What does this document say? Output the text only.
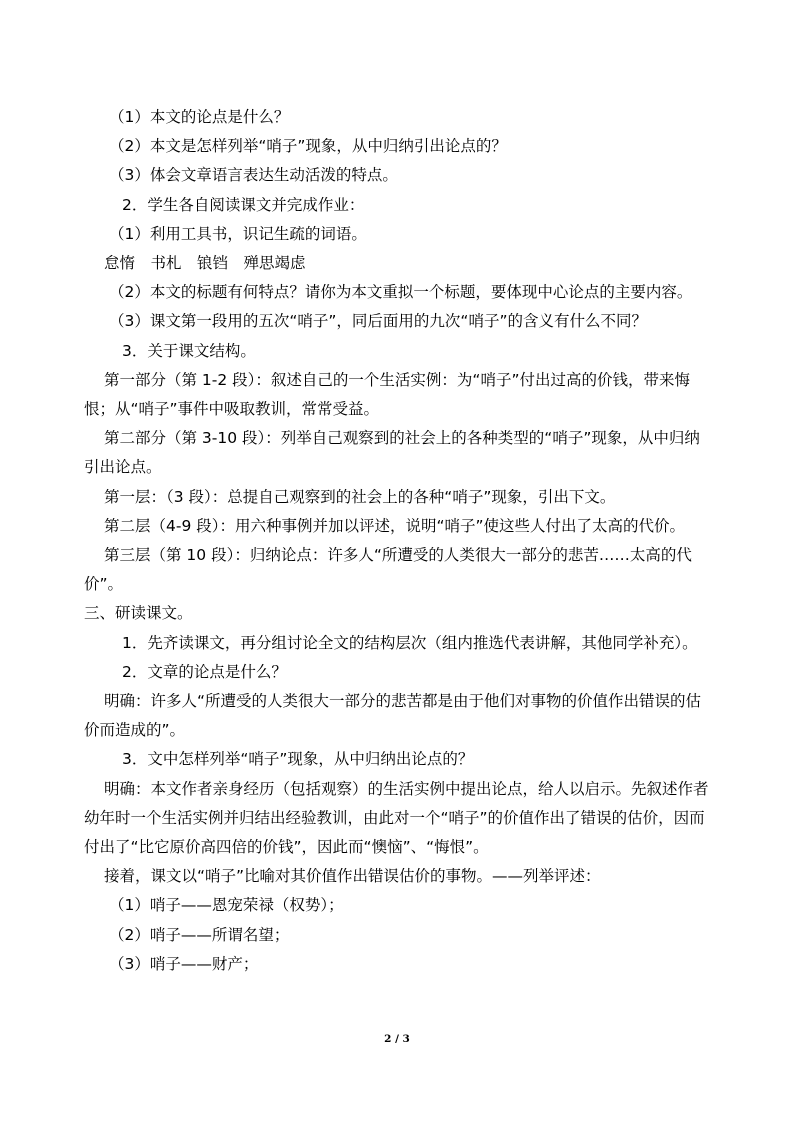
（1）本文的论点是什么？

（2）本文是怎样列举“哨子”现象，从中归纳引出论点的？

（3）体会文章语言表达生动活泼的特点。

2．学生各自阅读课文并完成作业：

（1）利用工具书，识记生疏的词语。

怠惰　书札　锒铛　殚思竭虑

（2）本文的标题有何特点？请你为本文重拟一个标题，要体现中心论点的主要内容。

（3）课文第一段用的五次“哨子”，同后面用的九次“哨子”的含义有什么不同？

3．关于课文结构。

第一部分（第 1-2 段）：叙述自己的一个生活实例：为“哨子”付出过高的价钱，带来悔恨；从“哨子”事件中吸取教训，常常受益。

第二部分（第 3-10 段）：列举自己观察到的社会上的各种类型的“哨子”现象，从中归纳引出论点。

第一层：（3 段）：总提自己观察到的社会上的各种“哨子”现象，引出下文。

第二层（4-9 段）：用六种事例并加以评述，说明“哨子”使这些人付出了太高的代价。

第三层（第 10 段）：归纳论点：许多人“所遭受的人类很大一部分的悲苦……太高的代价”。

三、研读课文。

1．先齐读课文，再分组讨论全文的结构层次（组内推选代表讲解，其他同学补充）。

2．文章的论点是什么？

明确：许多人“所遭受的人类很大一部分的悲苦都是由于他们对事物的价值作出错误的估价而造成的”。

3．文中怎样列举“哨子”现象，从中归纳出论点的？

明确：本文作者亲身经历（包括观察）的生活实例中提出论点，给人以启示。先叙述作者幼年时一个生活实例并归结出经验教训，由此对一个“哨子”的价值作出了错误的估价，因而付出了“比它原价高四倍的价钱”，因此而“懊恼”、“悔恨”。

接着，课文以“哨子”比喻对其价值作出错误估价的事物。——列举评述：

（1）哨子——恩宠荣禄（权势）；

（2）哨子——所谓名望；

（3）哨子——财产；

2 / 3
